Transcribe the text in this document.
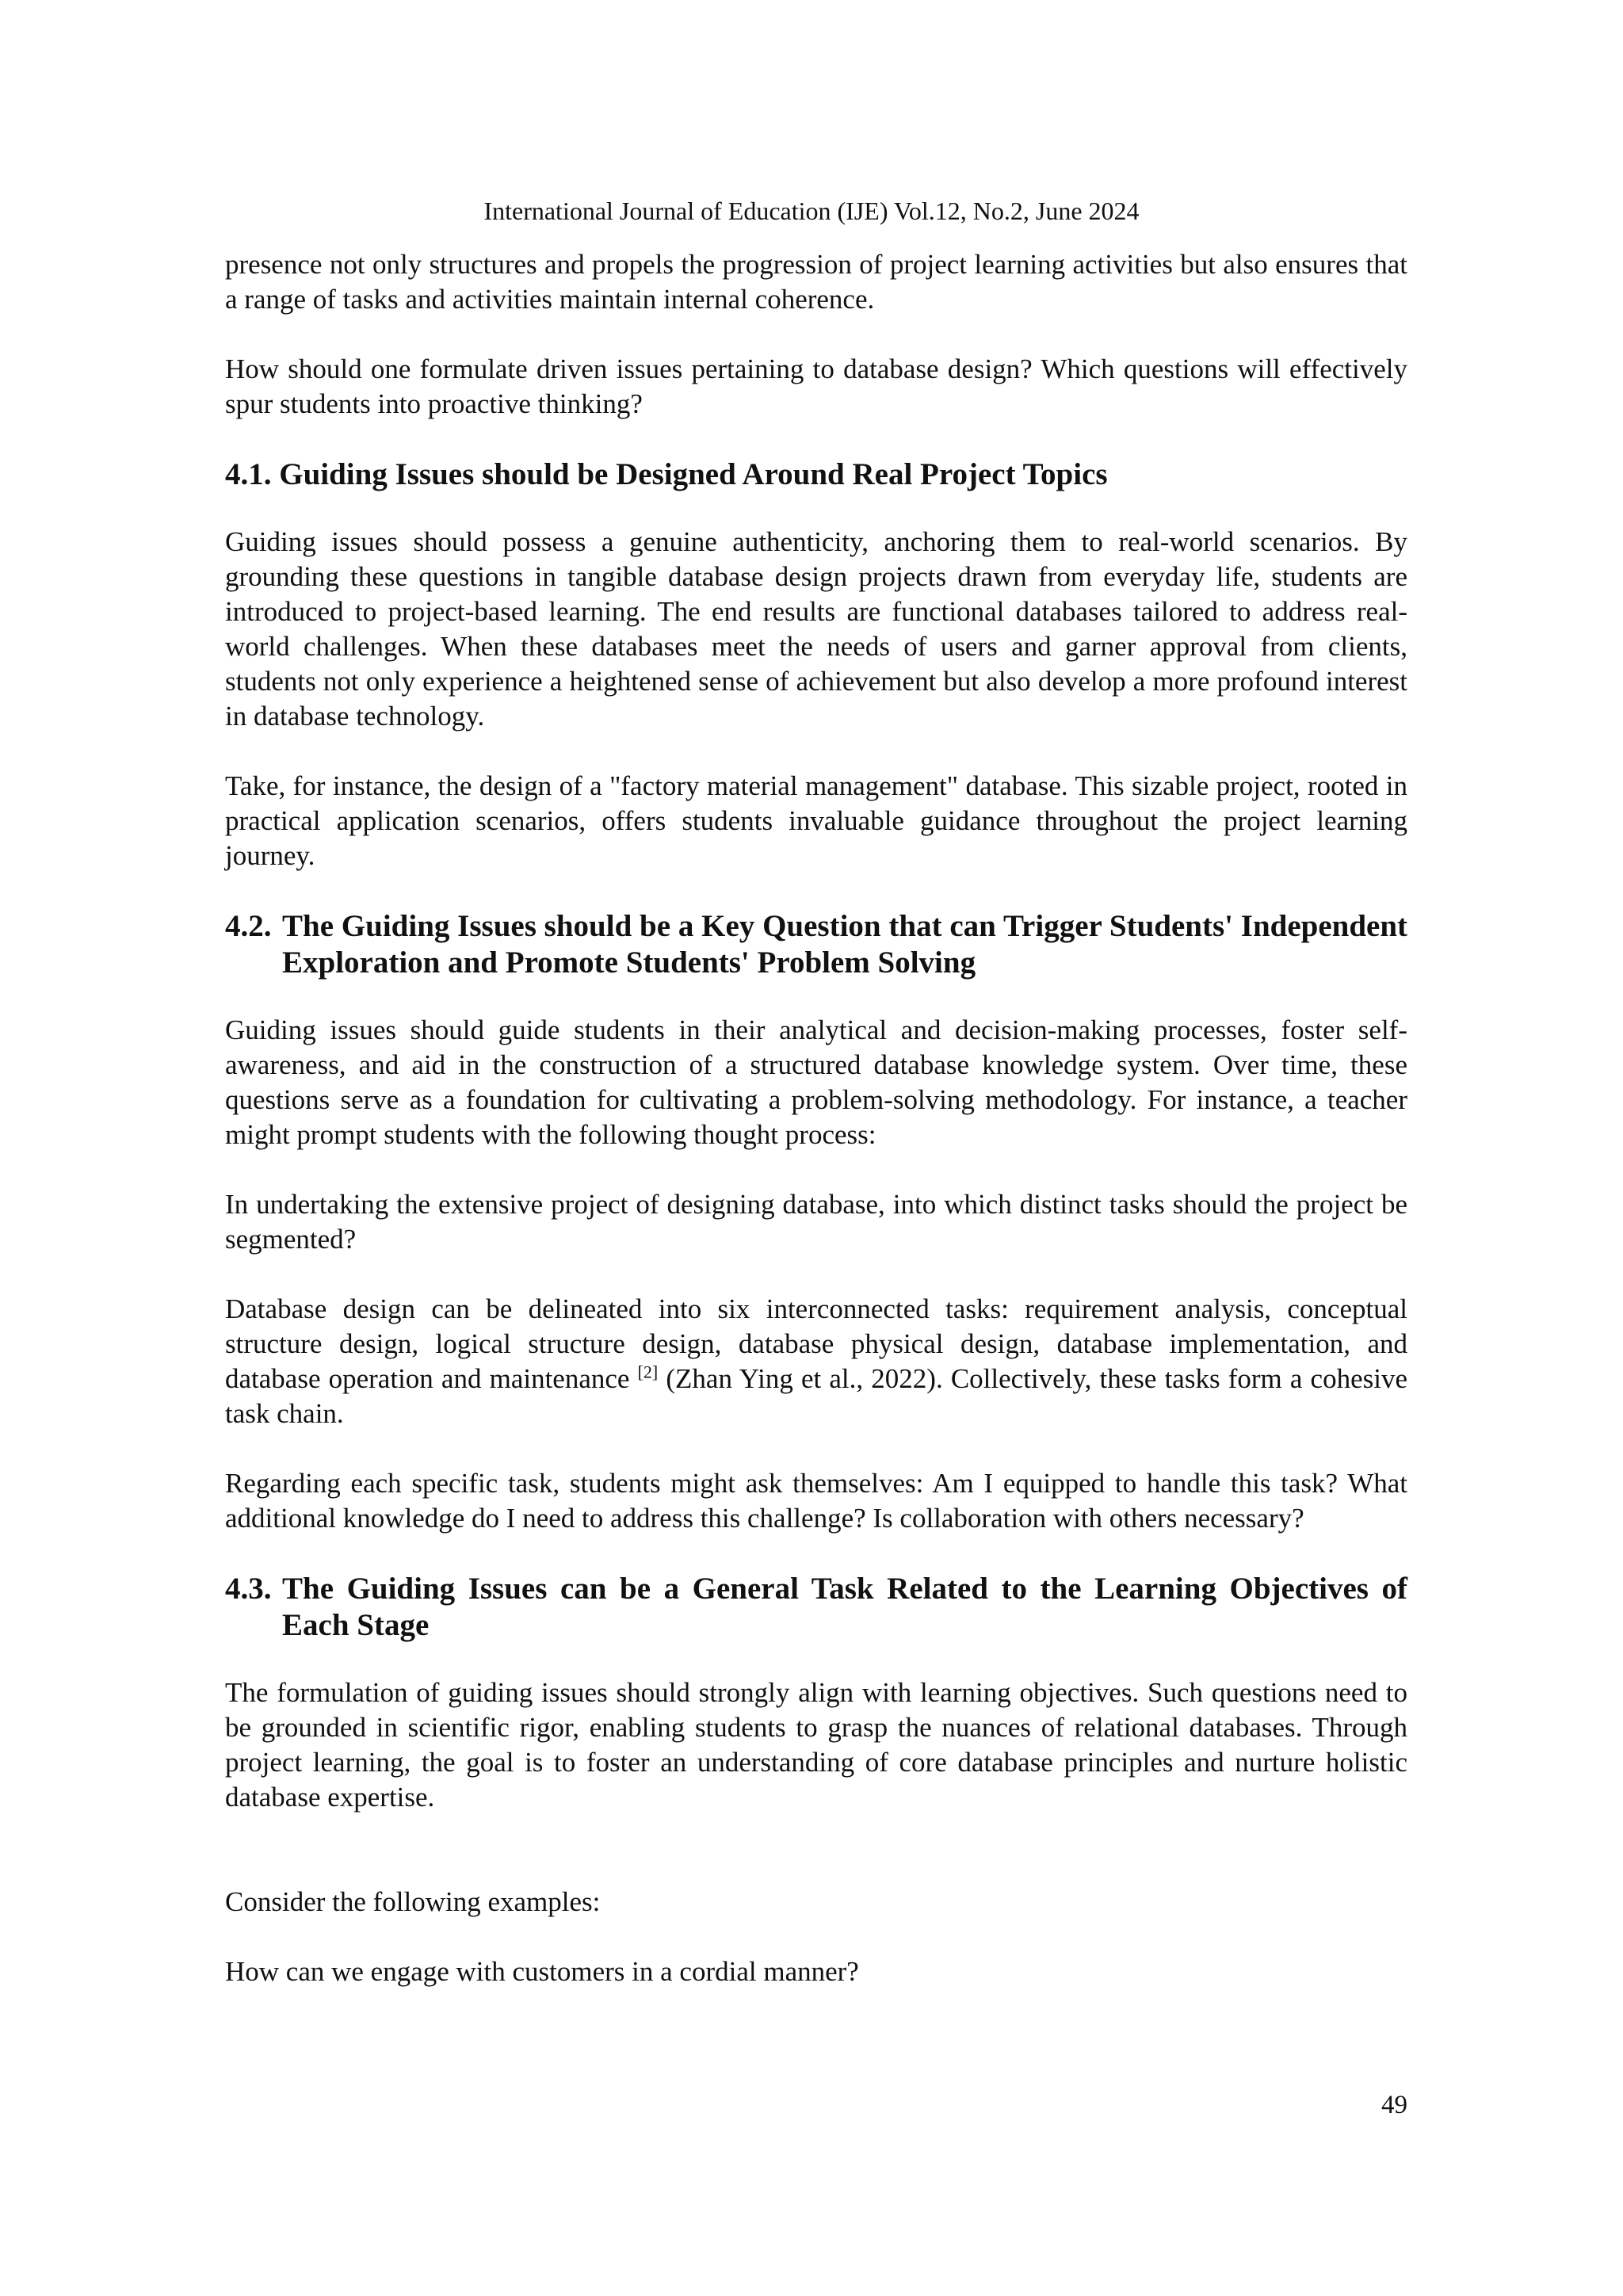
International Journal of Education (IJE) Vol.12, No.2, June 2024

presence not only structures and propels the progression of project learning activities but also ensures that a range of tasks and activities maintain internal coherence.

How should one formulate driven issues pertaining to database design? Which questions will effectively spur students into proactive thinking?

4.1. Guiding Issues should be Designed Around Real Project Topics

Guiding issues should possess a genuine authenticity, anchoring them to real-world scenarios. By grounding these questions in tangible database design projects drawn from everyday life, students are introduced to project-based learning. The end results are functional databases tailored to address real-world challenges. When these databases meet the needs of users and garner approval from clients, students not only experience a heightened sense of achievement but also develop a more profound interest in database technology.

Take, for instance, the design of a "factory material management" database. This sizable project, rooted in practical application scenarios, offers students invaluable guidance throughout the project learning journey.

4.2. The Guiding Issues should be a Key Question that can Trigger Students' Independent Exploration and Promote Students' Problem Solving

Guiding issues should guide students in their analytical and decision-making processes, foster self-awareness, and aid in the construction of a structured database knowledge system. Over time, these questions serve as a foundation for cultivating a problem-solving methodology. For instance, a teacher might prompt students with the following thought process:

In undertaking the extensive project of designing database, into which distinct tasks should the project be segmented?

Database design can be delineated into six interconnected tasks: requirement analysis, conceptual structure design, logical structure design, database physical design, database implementation, and database operation and maintenance [2] (Zhan Ying et al., 2022). Collectively, these tasks form a cohesive task chain.

Regarding each specific task, students might ask themselves: Am I equipped to handle this task? What additional knowledge do I need to address this challenge? Is collaboration with others necessary?

4.3. The Guiding Issues can be a General Task Related to the Learning Objectives of Each Stage

The formulation of guiding issues should strongly align with learning objectives. Such questions need to be grounded in scientific rigor, enabling students to grasp the nuances of relational databases. Through project learning, the goal is to foster an understanding of core database principles and nurture holistic database expertise.

Consider the following examples:

How can we engage with customers in a cordial manner?

49
